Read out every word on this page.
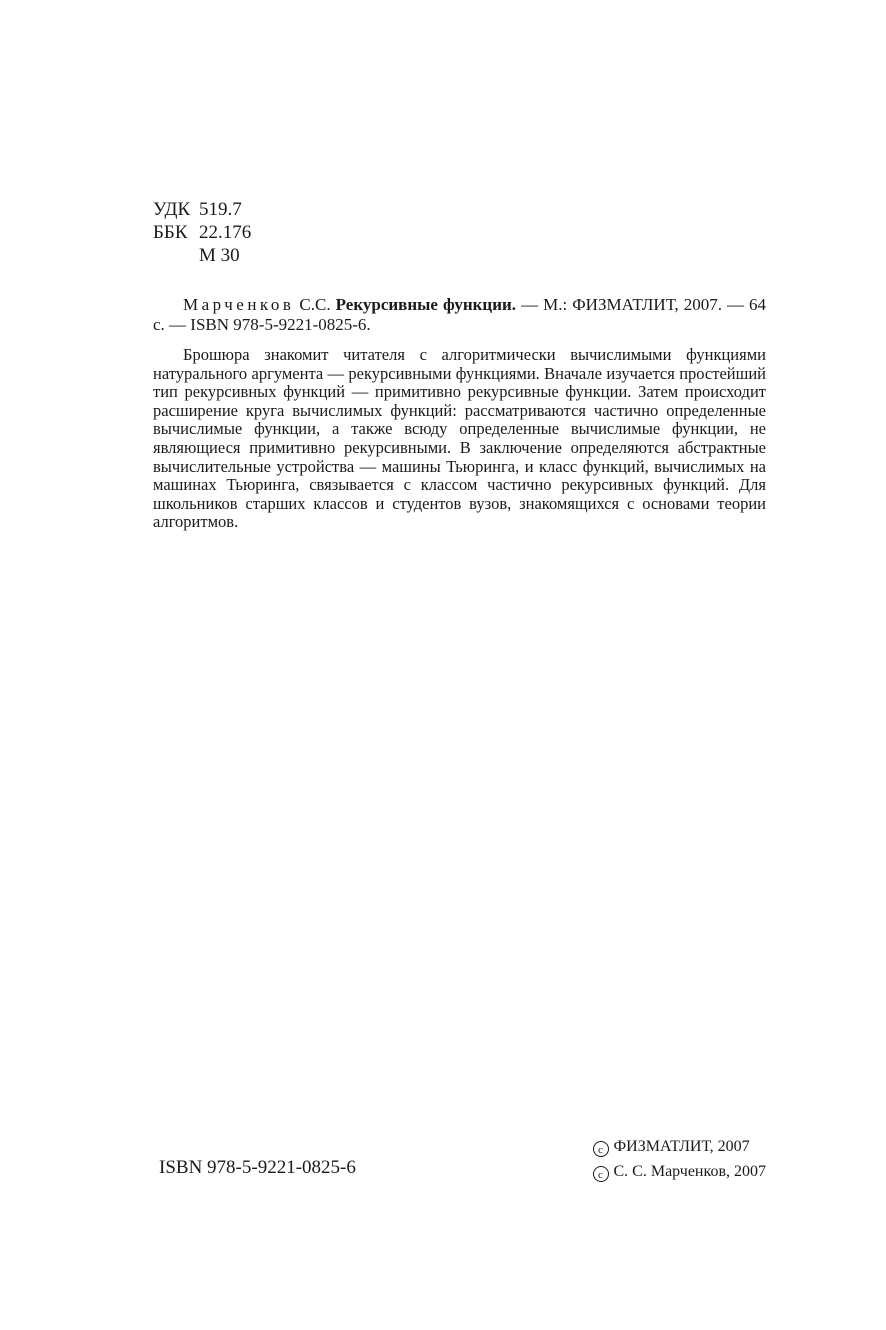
УДК 519.7
ББК 22.176
М 30
Марченков С.С. Рекурсивные функции. — М.: ФИЗМАТЛИТ, 2007. — 64 с. — ISBN 978-5-9221-0825-6.
Брошюра знакомит читателя с алгоритмически вычислимыми функциями натурального аргумента — рекурсивными функциями. Вначале изучается простейший тип рекурсивных функций — примитивно рекурсивные функции. Затем происходит расширение круга вычислимых функций: рассматриваются частично определенные вычислимые функции, а также всюду определенные вычислимые функции, не являющиеся примитивно рекурсивными. В заключение определяются абстрактные вычислительные устройства — машины Тьюринга, и класс функций, вычислимых на машинах Тьюринга, связывается с классом частично рекурсивных функций. Для школьников старших классов и студентов вузов, знакомящихся с основами теории алгоритмов.
ISBN 978-5-9221-0825-6
c ФИЗМАТЛИТ, 2007
c С. С. Марченков, 2007
